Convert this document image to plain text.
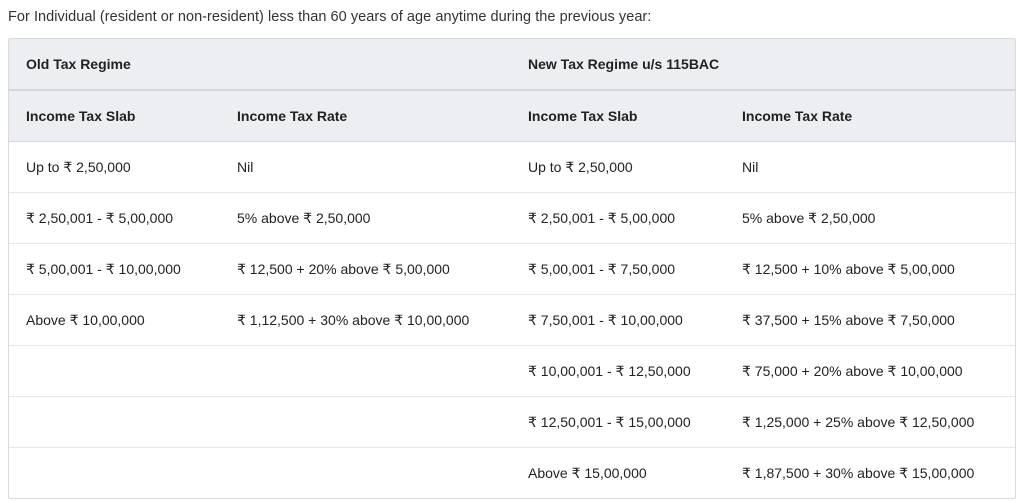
For Individual (resident or non-resident) less than 60 years of age anytime during the previous year:
Old Tax Regime		New Tax Regime u/s 115BAC	
Income Tax Slab	Income Tax Rate	Income Tax Slab	Income Tax Rate
Up to ₹ 2,50,000	Nil	Up to ₹ 2,50,000	Nil
₹ 2,50,001 - ₹ 5,00,000	5% above ₹ 2,50,000	₹ 2,50,001 - ₹ 5,00,000	5% above ₹ 2,50,000
₹ 5,00,001 - ₹ 10,00,000	₹ 12,500 + 20% above ₹ 5,00,000	₹ 5,00,001 - ₹ 7,50,000	₹ 12,500 + 10% above ₹ 5,00,000
Above ₹ 10,00,000	₹ 1,12,500 + 30% above ₹ 10,00,000	₹ 7,50,001 - ₹ 10,00,000	₹ 37,500 + 15% above ₹ 7,50,000
		₹ 10,00,001 - ₹ 12,50,000	₹ 75,000 + 20% above ₹ 10,00,000
		₹ 12,50,001 - ₹ 15,00,000	₹ 1,25,000 + 25% above ₹ 12,50,000
		Above ₹ 15,00,000	₹ 1,87,500 + 30% above ₹ 15,00,000
